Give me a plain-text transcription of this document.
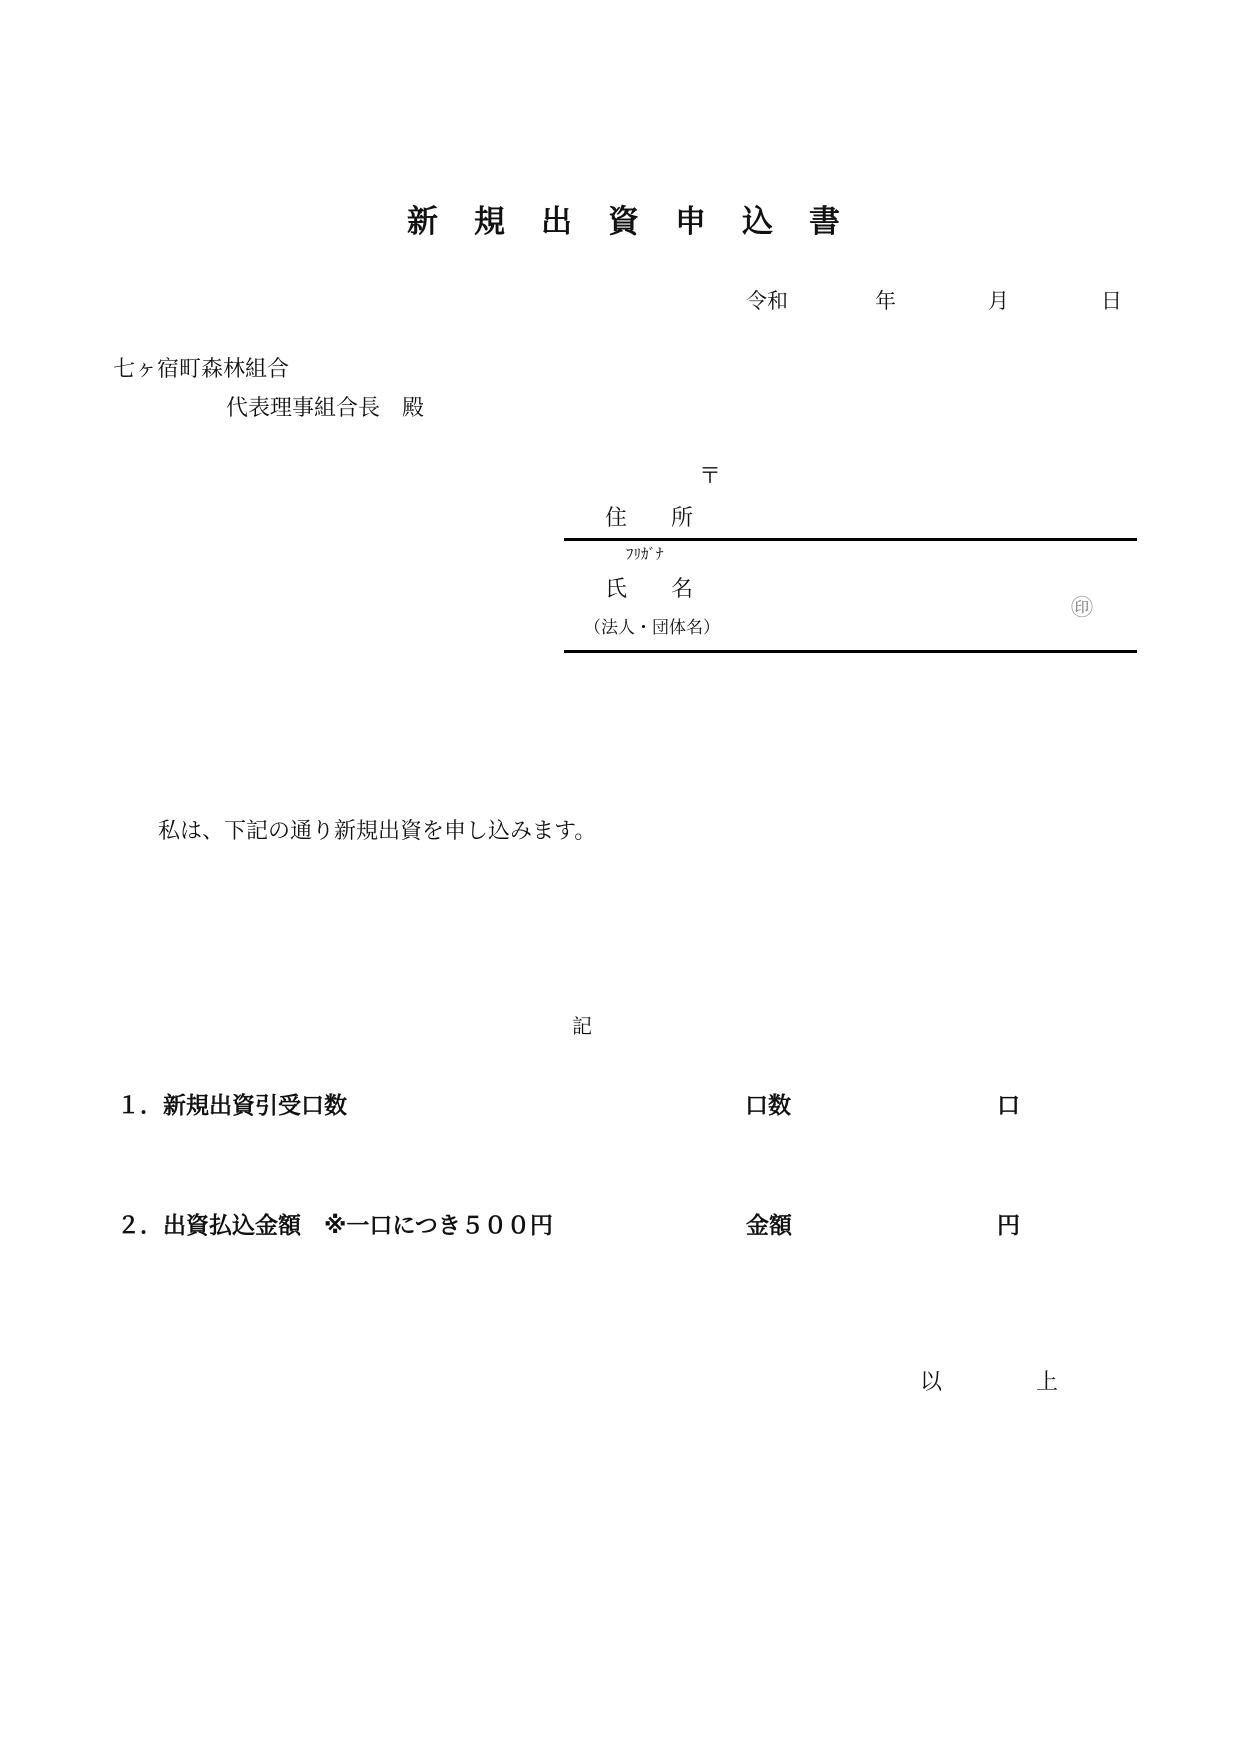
新規出資申込書
令和	年	月	日
七ヶ宿町森林組合
代表理事組合長　殿
〒
住　　所
ﾌﾘｶﾞﾅ
氏　　名
（法人・団体名）
㊞
私は、下記の通り新規出資を申し込みます。
記
１．新規出資引受口数	口数	口
２．出資払込金額　※一口につき５００円	金額	円
以	上
